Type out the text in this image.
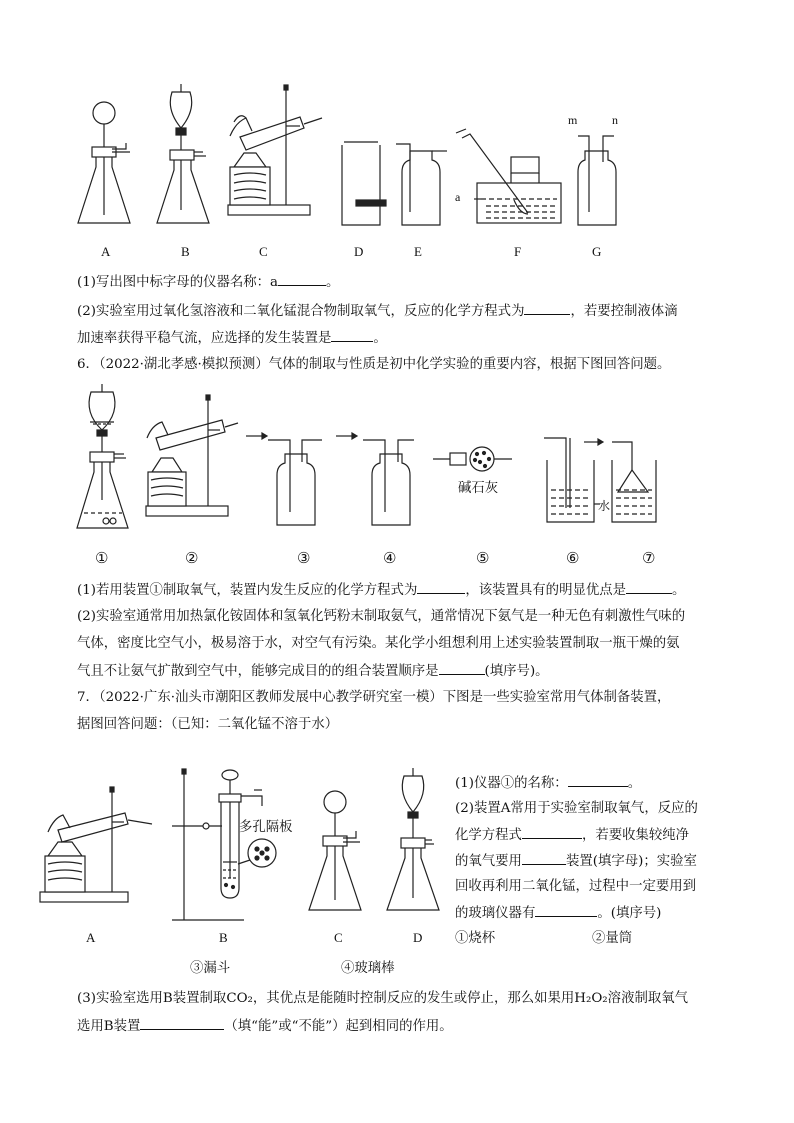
A	B	C	D	E	F	G
a
m	n
(1)写出图中标字母的仪器名称：a	。
(2)实验室用过氧化氢溶液和二氧化锰混合物制取氧气，反应的化学方程式为	，若要控制液体滴
加速率获得平稳气流，应选择的发生装置是	。
6．（2022·湖北孝感·模拟预测）气体的制取与性质是初中化学实验的重要内容，根据下图回答问题。
碱石灰
水
①	②	③	④	⑤	⑥	⑦
(1)若用装置①制取氧气，装置内发生反应的化学方程式为	，该装置具有的明显优点是	。
(2)实验室通常用加热氯化铵固体和氢氧化钙粉末制取氨气，通常情况下氨气是一种无色有刺激性气味的
气体，密度比空气小，极易溶于水，对空气有污染。某化学小组想利用上述实验装置制取一瓶干燥的氨
气且不让氨气扩散到空气中，能够完成目的的组合装置顺序是	(填序号)。
7．（2022·广东·汕头市潮阳区教师发展中心教学研究室一模）下图是一些实验室常用气体制备装置，
据图回答问题：（已知：二氧化锰不溶于水）
多孔隔板
A	B	C	D
(1)仪器①的名称：	。
(2)装置A常用于实验室制取氧气，反应的
化学方程式	，若要收集较纯净
的氧气要用	装置(填字母)；实验室
回收再利用二氧化锰，过程中一定要用到
的玻璃仪器有	。(填序号)
①烧杯	②量筒
③漏斗	④玻璃棒
(3)实验室选用B装置制取CO₂，其优点是能随时控制反应的发生或停止，那么如果用H₂O₂溶液制取氧气
选用B装置	（填“能”或“不能”）起到相同的作用。
